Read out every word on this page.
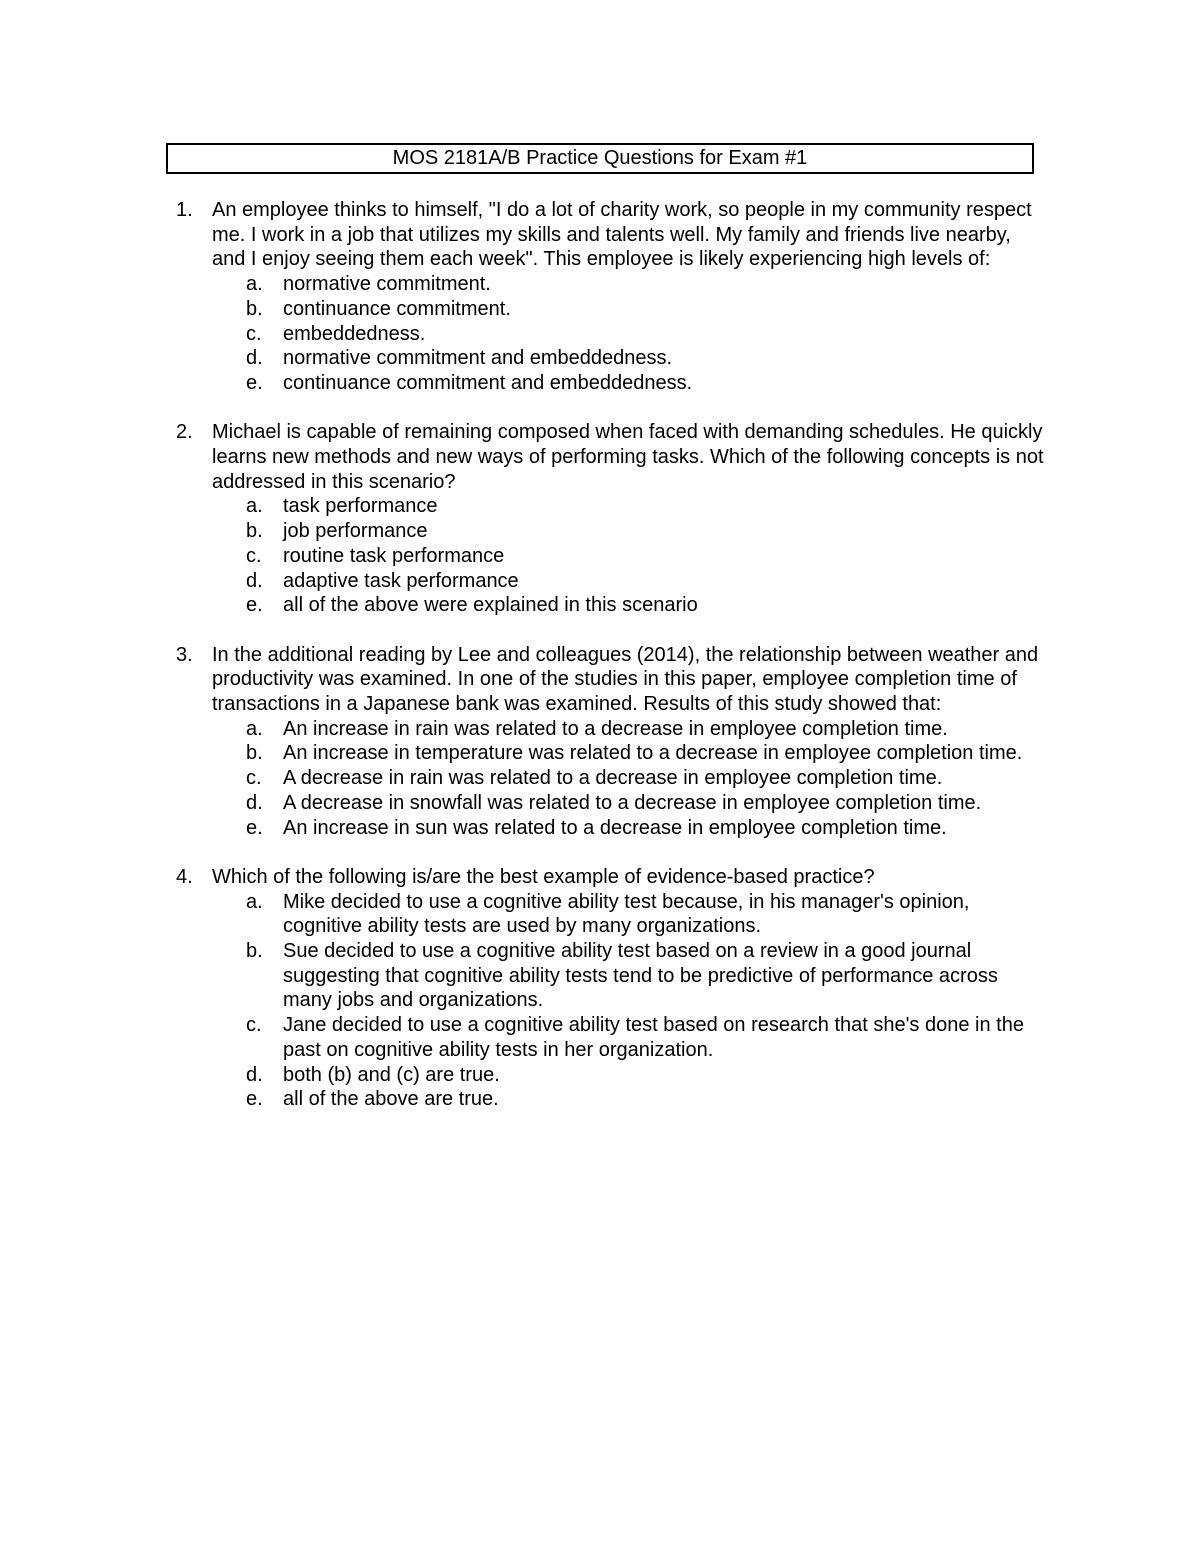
MOS 2181A/B Practice Questions for Exam #1
1. An employee thinks to himself, "I do a lot of charity work, so people in my community respect me. I work in a job that utilizes my skills and talents well. My family and friends live nearby, and I enjoy seeing them each week". This employee is likely experiencing high levels of:
a. normative commitment.
b. continuance commitment.
c. embeddedness.
d. normative commitment and embeddedness.
e. continuance commitment and embeddedness.
2. Michael is capable of remaining composed when faced with demanding schedules. He quickly learns new methods and new ways of performing tasks. Which of the following concepts is not addressed in this scenario?
a. task performance
b. job performance
c. routine task performance
d. adaptive task performance
e. all of the above were explained in this scenario
3. In the additional reading by Lee and colleagues (2014), the relationship between weather and productivity was examined. In one of the studies in this paper, employee completion time of transactions in a Japanese bank was examined. Results of this study showed that:
a. An increase in rain was related to a decrease in employee completion time.
b. An increase in temperature was related to a decrease in employee completion time.
c. A decrease in rain was related to a decrease in employee completion time.
d. A decrease in snowfall was related to a decrease in employee completion time.
e. An increase in sun was related to a decrease in employee completion time.
4. Which of the following is/are the best example of evidence-based practice?
a. Mike decided to use a cognitive ability test because, in his manager's opinion, cognitive ability tests are used by many organizations.
b. Sue decided to use a cognitive ability test based on a review in a good journal suggesting that cognitive ability tests tend to be predictive of performance across many jobs and organizations.
c. Jane decided to use a cognitive ability test based on research that she's done in the past on cognitive ability tests in her organization.
d. both (b) and (c) are true.
e. all of the above are true.
